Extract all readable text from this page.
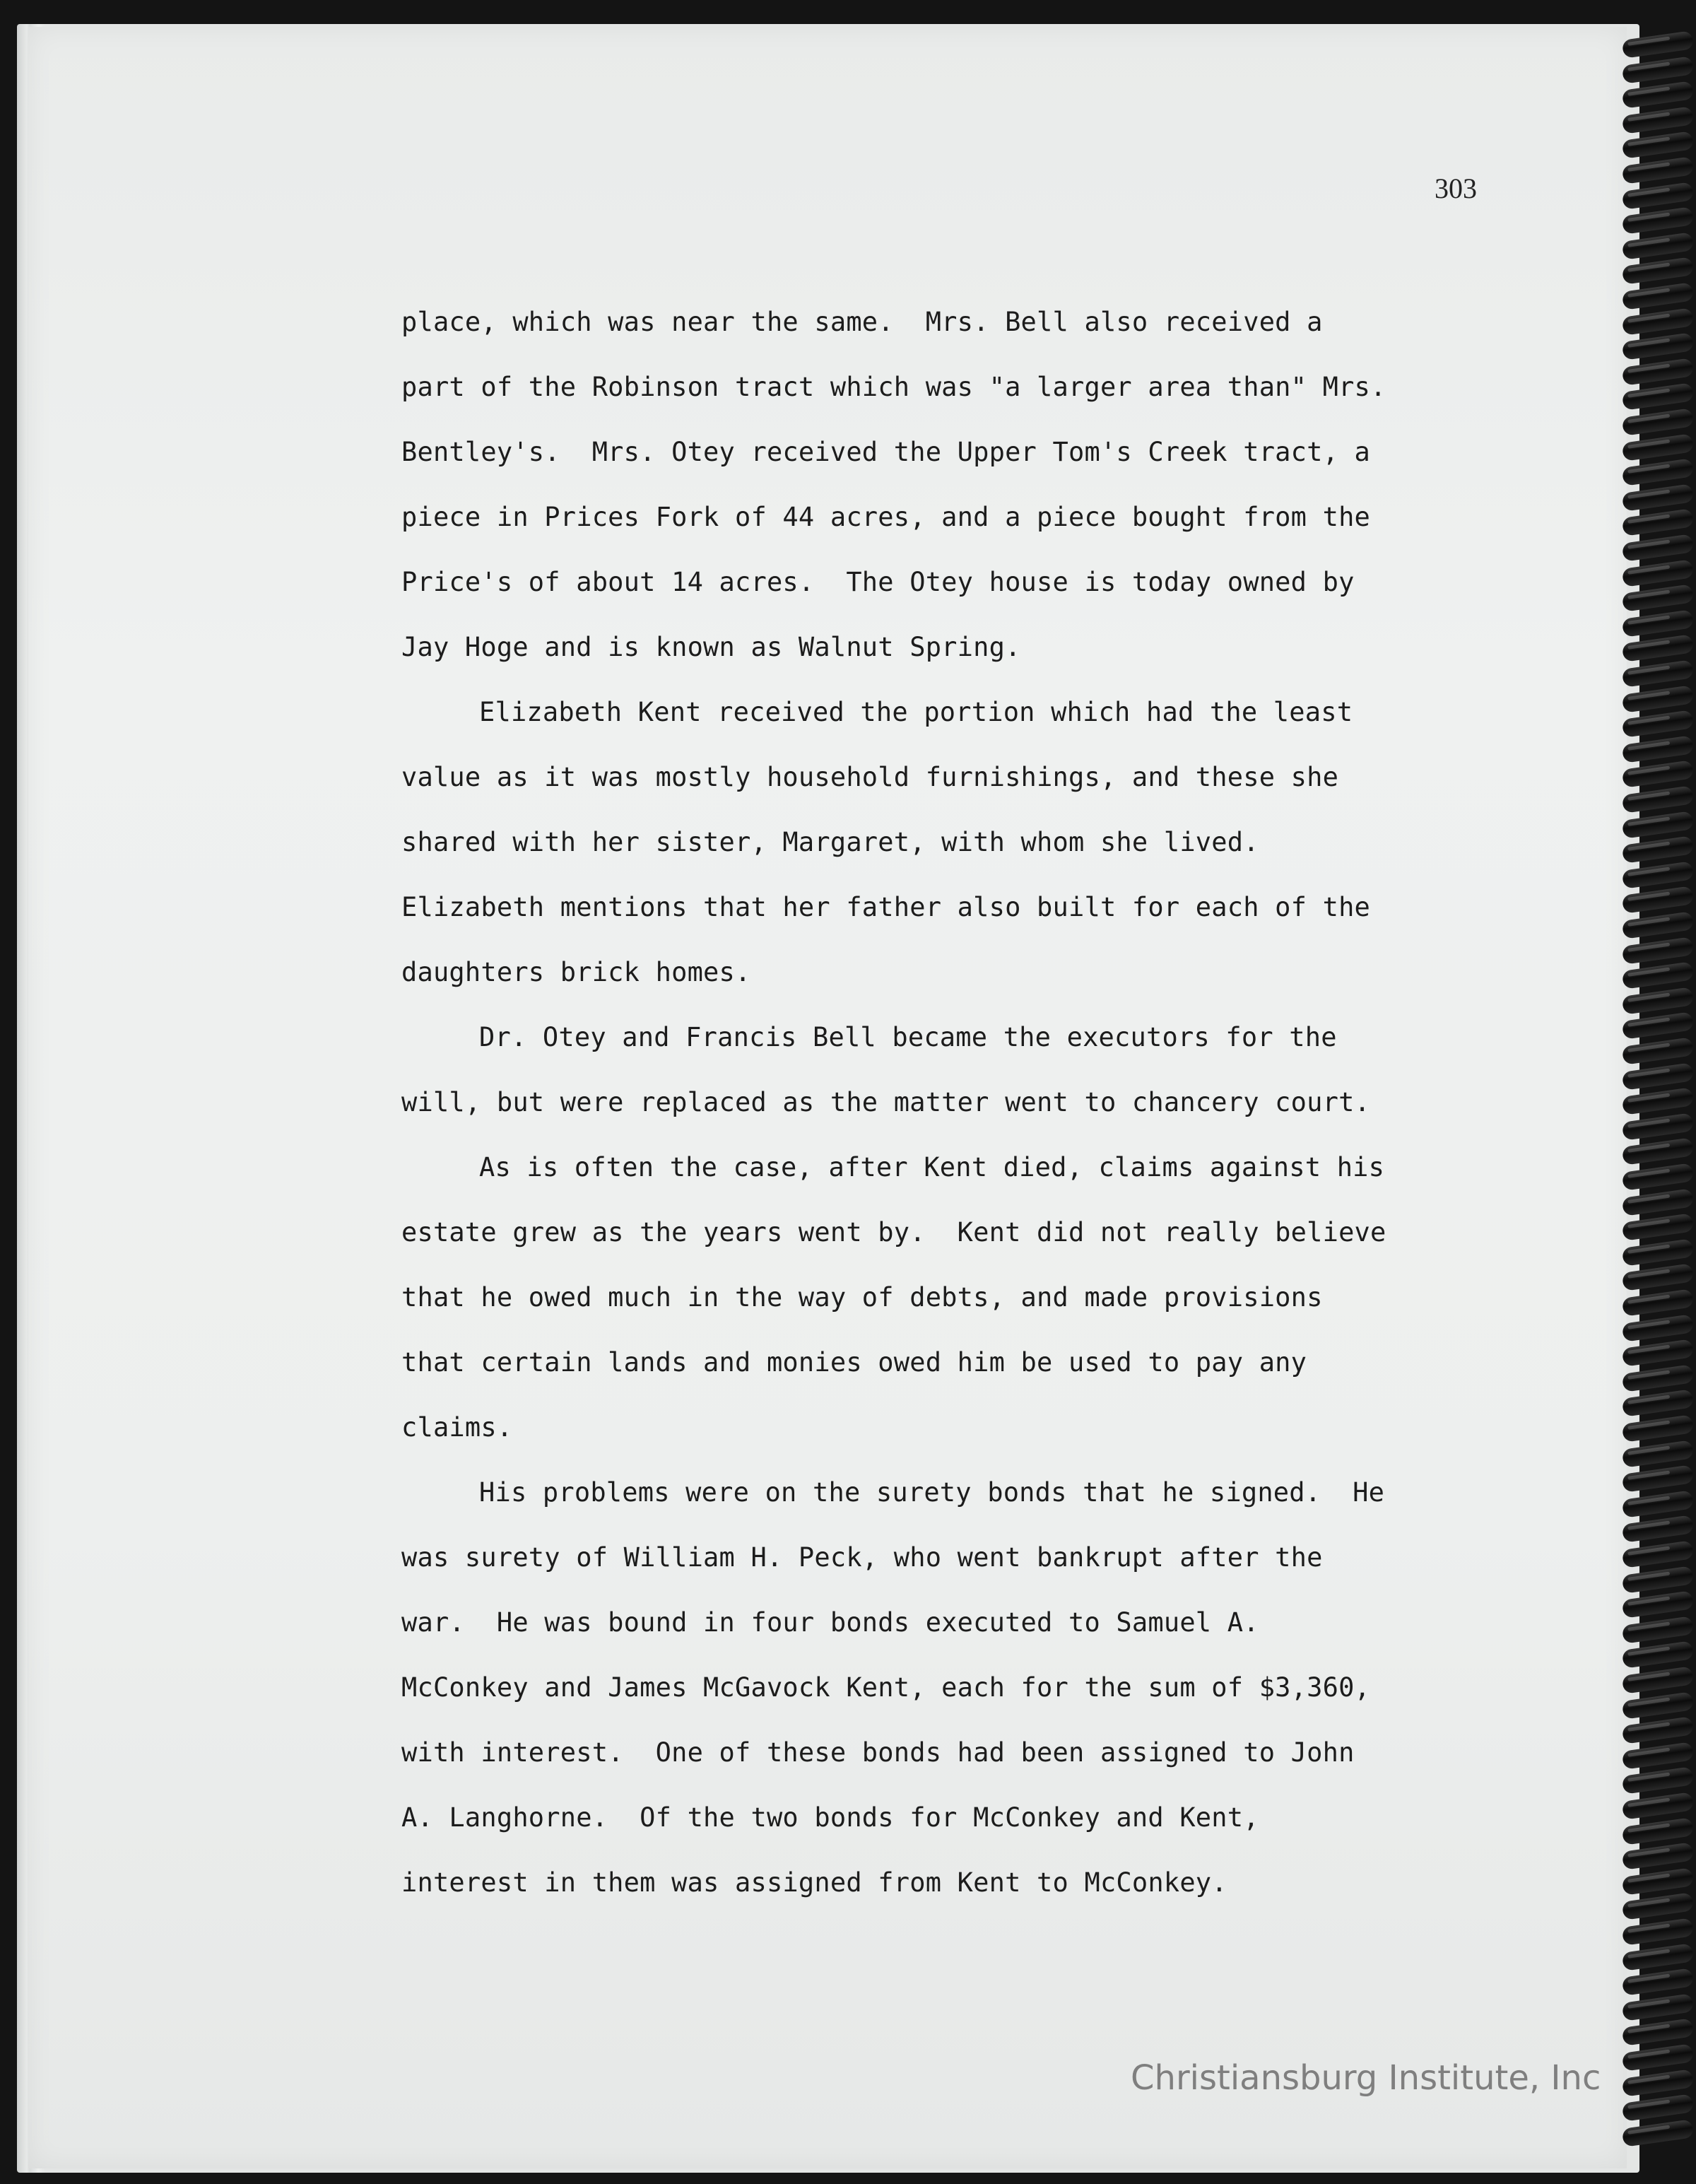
303
place, which was near the same.  Mrs. Bell also received a
part of the Robinson tract which was "a larger area than" Mrs.
Bentley's.  Mrs. Otey received the Upper Tom's Creek tract, a
piece in Prices Fork of 44 acres, and a piece bought from the
Price's of about 14 acres.  The Otey house is today owned by
Jay Hoge and is known as Walnut Spring.
Elizabeth Kent received the portion which had the least
value as it was mostly household furnishings, and these she
shared with her sister, Margaret, with whom she lived.
Elizabeth mentions that her father also built for each of the
daughters brick homes.
Dr. Otey and Francis Bell became the executors for the
will, but were replaced as the matter went to chancery court.
As is often the case, after Kent died, claims against his
estate grew as the years went by.  Kent did not really believe
that he owed much in the way of debts, and made provisions
that certain lands and monies owed him be used to pay any
claims.
His problems were on the surety bonds that he signed.  He
was surety of William H. Peck, who went bankrupt after the
war.  He was bound in four bonds executed to Samuel A.
McConkey and James McGavock Kent, each for the sum of $3,360,
with interest.  One of these bonds had been assigned to John
A. Langhorne.  Of the two bonds for McConkey and Kent,
interest in them was assigned from Kent to McConkey.
Christiansburg Institute, Inc
